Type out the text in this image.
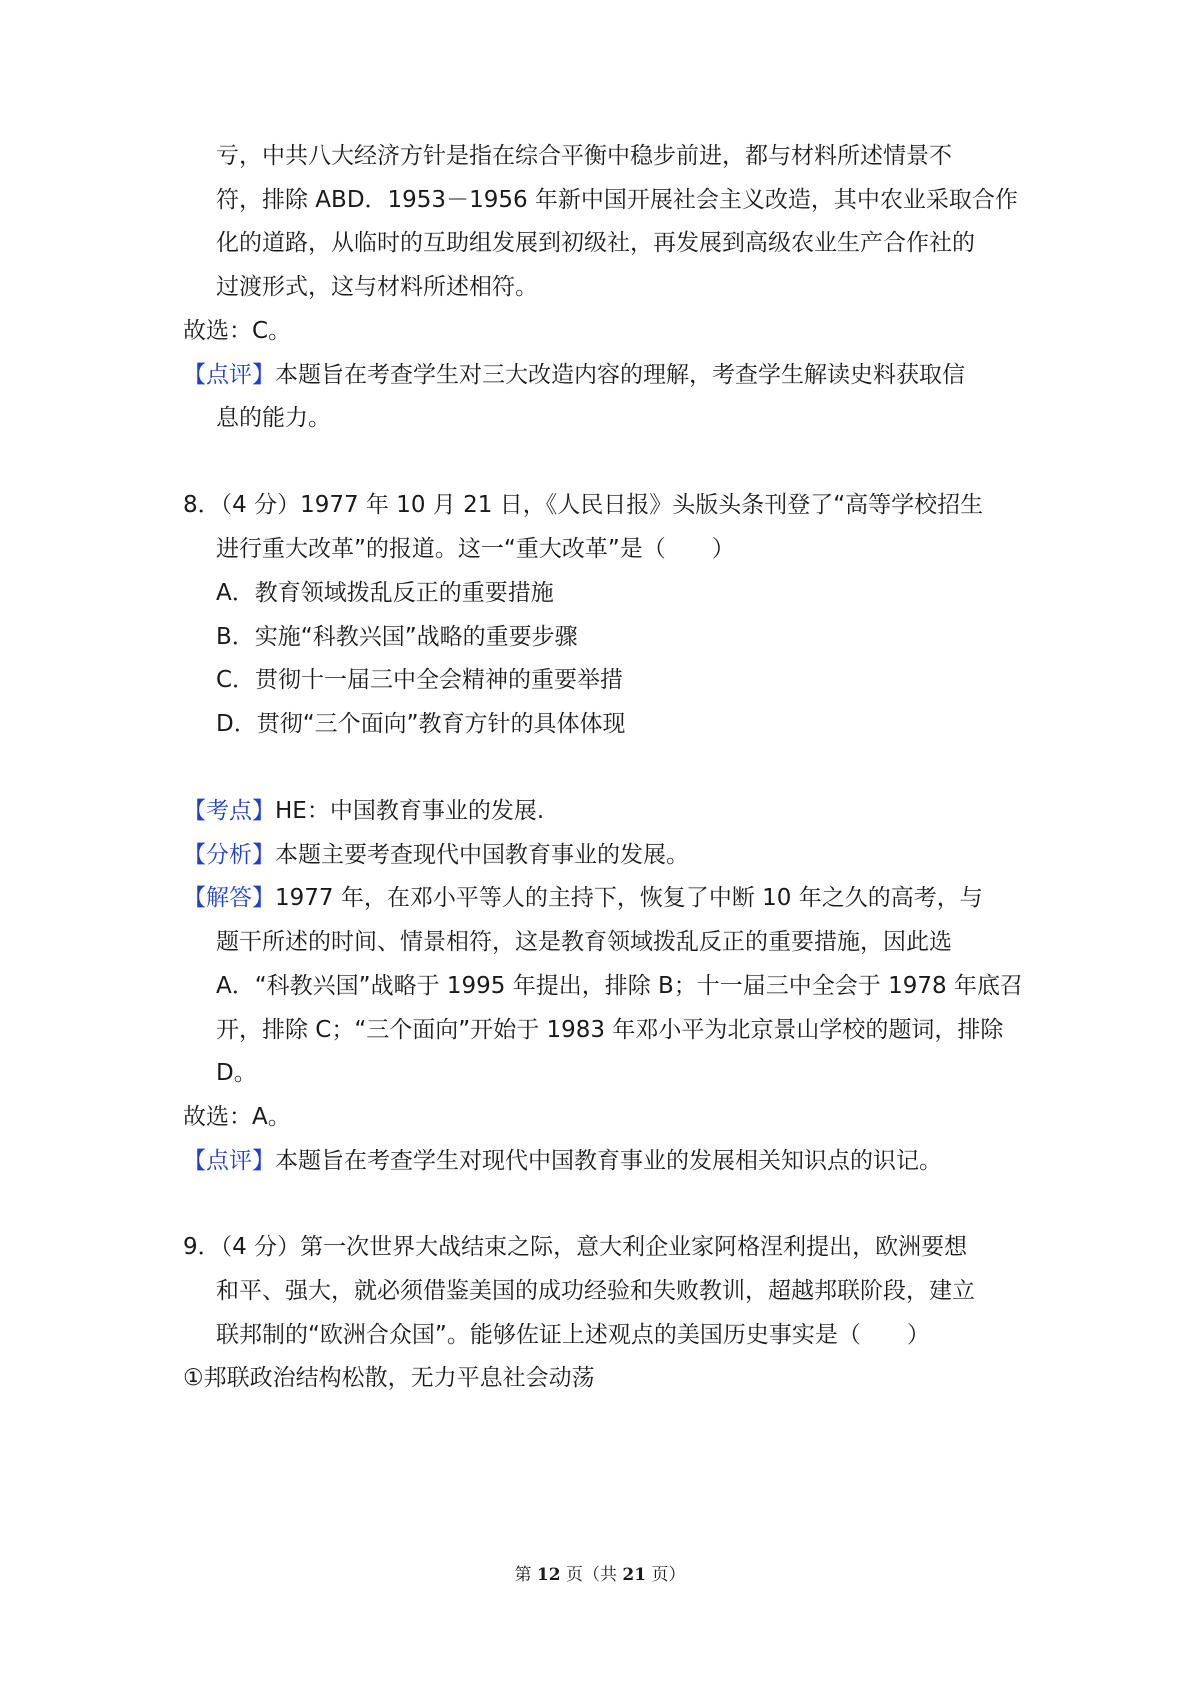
亏，中共八大经济方针是指在综合平衡中稳步前进，都与材料所述情景不
符，排除 ABD．1953－1956 年新中国开展社会主义改造，其中农业采取合作
化的道路，从临时的互助组发展到初级社，再发展到高级农业生产合作社的
过渡形式，这与材料所述相符。
故选：C。
【点评】本题旨在考查学生对三大改造内容的理解，考查学生解读史料获取信
息的能力。
8．（4 分）1977 年 10 月 21 日，《人民日报》头版头条刊登了“高等学校招生
进行重大改革”的报道。这一“重大改革”是（　　）
A．教育领域拨乱反正的重要措施
B．实施“科教兴国”战略的重要步骤
C．贯彻十一届三中全会精神的重要举措
D．贯彻“三个面向”教育方针的具体体现
【考点】HE：中国教育事业的发展.
【分析】本题主要考查现代中国教育事业的发展。
【解答】1977 年，在邓小平等人的主持下，恢复了中断 10 年之久的高考，与
题干所述的时间、情景相符，这是教育领域拨乱反正的重要措施，因此选
A．“科教兴国”战略于 1995 年提出，排除 B；十一届三中全会于 1978 年底召
开，排除 C；“三个面向”开始于 1983 年邓小平为北京景山学校的题词，排除
D。
故选：A。
【点评】本题旨在考查学生对现代中国教育事业的发展相关知识点的识记。
9．（4 分）第一次世界大战结束之际，意大利企业家阿格涅利提出，欧洲要想
和平、强大，就必须借鉴美国的成功经验和失败教训，超越邦联阶段，建立
联邦制的“欧洲合众国”。能够佐证上述观点的美国历史事实是（　　）
①邦联政治结构松散，无力平息社会动荡
第 12 页（共 21 页）
